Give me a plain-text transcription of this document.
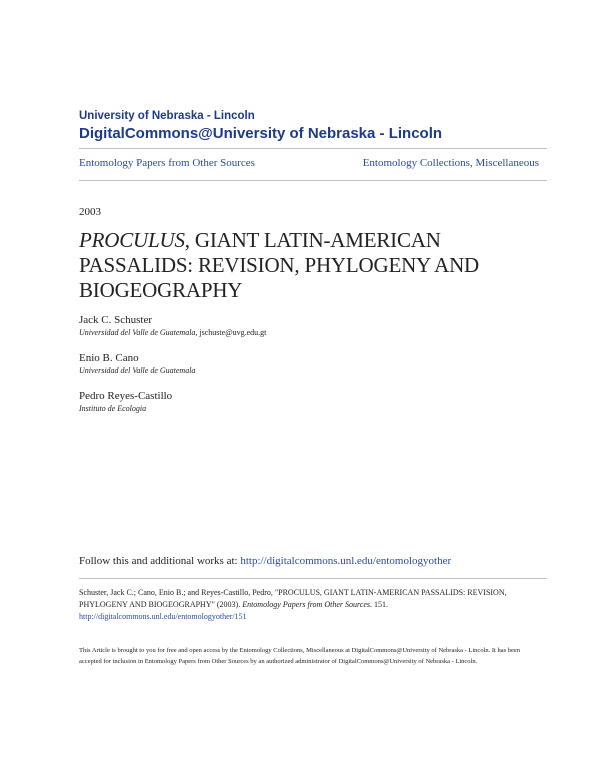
University of Nebraska - Lincoln
DigitalCommons@University of Nebraska - Lincoln
Entomology Papers from Other Sources	Entomology Collections, Miscellaneous
2003
PROCULUS, GIANT LATIN-AMERICAN
PASSALIDS: REVISION, PHYLOGENY AND
BIOGEOGRAPHY
Jack C. Schuster
Universidad del Valle de Guatemala, jschuste@uvg.edu.gt
Enio B. Cano
Universidad del Valle de Guatemala
Pedro Reyes-Castillo
Instituto de Ecologia
Follow this and additional works at: http://digitalcommons.unl.edu/entomologyother
Schuster, Jack C.; Cano, Enio B.; and Reyes-Castillo, Pedro, "PROCULUS, GIANT LATIN-AMERICAN PASSALIDS: REVISION, PHYLOGENY AND BIOGEOGRAPHY" (2003). Entomology Papers from Other Sources. 151.
http://digitalcommons.unl.edu/entomologyother/151
This Article is brought to you for free and open access by the Entomology Collections, Miscellaneous at DigitalCommons@University of Nebraska - Lincoln. It has been accepted for inclusion in Entomology Papers from Other Sources by an authorized administrator of DigitalCommons@University of Nebraska - Lincoln.
